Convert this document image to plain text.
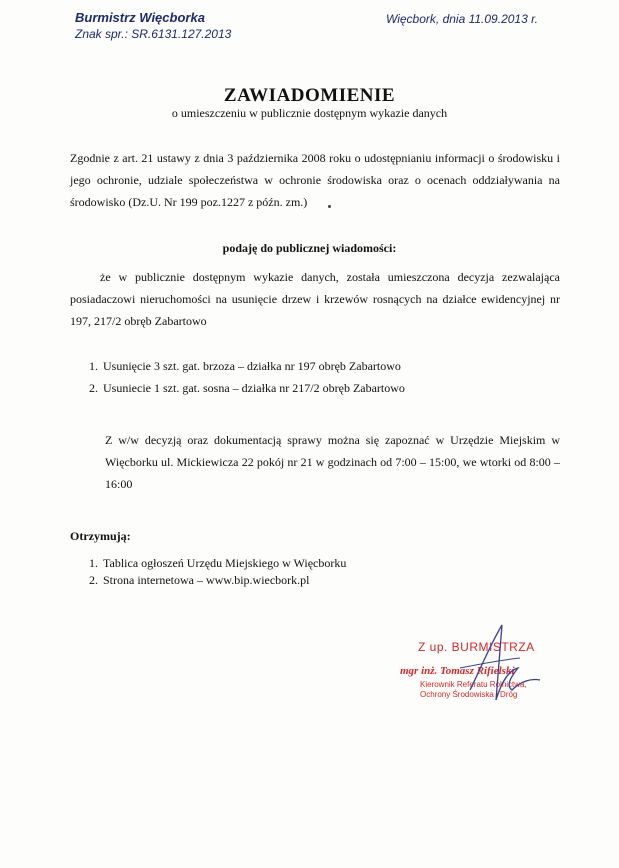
Burmistrz Więcborka
Znak spr.: SR.6131.127.2013
Więcbork, dnia 11.09.2013 r.
ZAWIADOMIENIE
o umieszczeniu w publicznie dostępnym wykazie danych

Zgodnie z art. 21 ustawy z dnia 3 października 2008 roku o udostępnianiu informacji o środowisku i jego ochronie, udziale społeczeństwa w ochronie środowiska oraz o ocenach oddziaływania na środowisko (Dz.U. Nr 199 poz.1227 z późn. zm.)

podaję do publicznej wiadomości:

że w publicznie dostępnym wykazie danych, została umieszczona decyzja zezwalająca posiadaczowi nieruchomości na usunięcie drzew i krzewów rosnących na działce ewidencyjnej nr 197, 217/2 obręb Zabartowo

1. Usunięcie 3 szt. gat. brzoza – działka nr 197 obręb Zabartowo
2. Usuniecie 1 szt. gat. sosna – działka nr 217/2 obręb Zabartowo

Z w/w decyzją oraz dokumentacją sprawy można się zapoznać w Urzędzie Miejskim w Więcborku ul. Mickiewicza 22 pokój nr 21 w godzinach od 7:00 – 15:00, we wtorki od 8:00 – 16:00

Otrzymują:
1. Tablica ogłoszeń Urzędu Miejskiego w Więcborku
2. Strona internetowa – www.bip.wiecbork.pl
Z up. BURMISTRZA
mgr inż. Tomasz Rifielski
Kierownik Referatu Rolnictwa,
Ochrony Środowiska i Dróg
